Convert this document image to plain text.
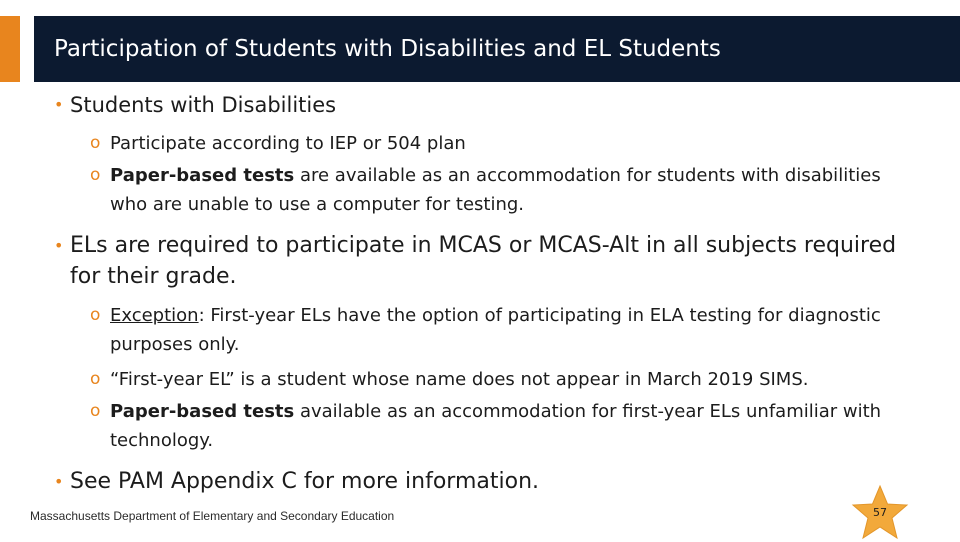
Participation of Students with Disabilities and EL Students

• Students with Disabilities

o Participate according to IEP or 504 plan

o Paper-based tests are available as an accommodation for students with disabilities who are unable to use a computer for testing.

• ELs are required to participate in MCAS or MCAS-Alt in all subjects required for their grade.

o Exception: First-year ELs have the option of participating in ELA testing for diagnostic purposes only.

o “First-year EL” is a student whose name does not appear in March 2019 SIMS.

o Paper-based tests available as an accommodation for first-year ELs unfamiliar with technology.

• See PAM Appendix C for more information.

Massachusetts Department of Elementary and Secondary Education	57
